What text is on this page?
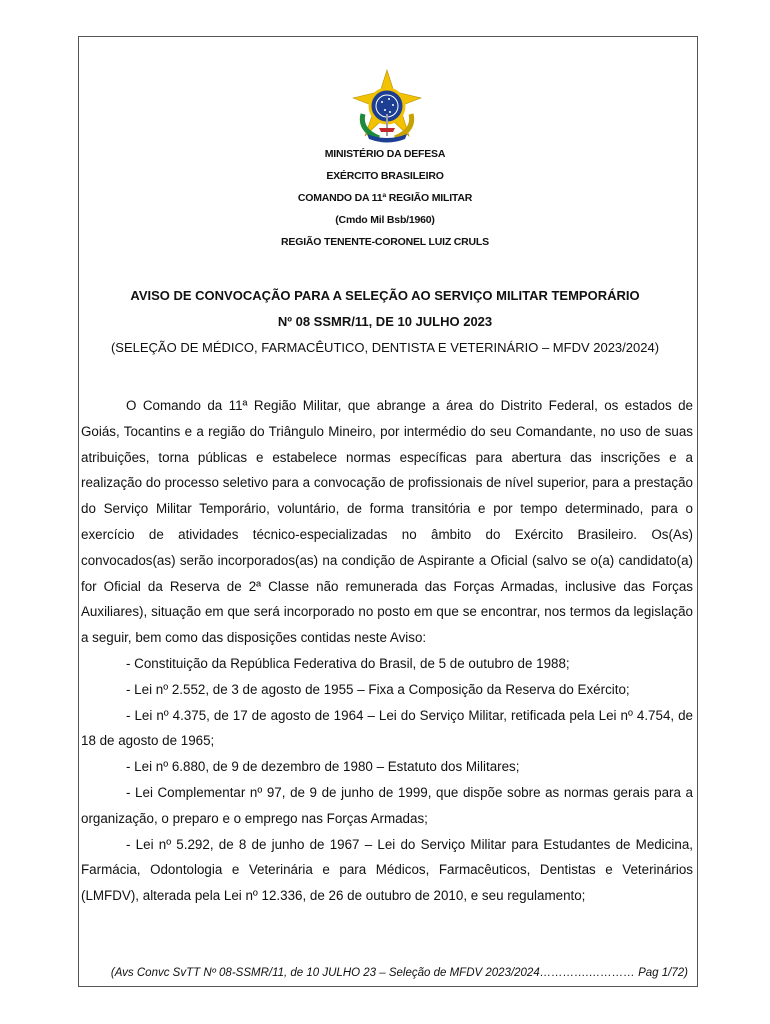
MINISTÉRIO DA DEFESA
EXÉRCITO BRASILEIRO
COMANDO DA 11ª REGIÃO MILITAR
(Cmdo Mil Bsb/1960)
REGIÃO TENENTE-CORONEL LUIZ CRULS
AVISO DE CONVOCAÇÃO PARA A SELEÇÃO AO SERVIÇO MILITAR TEMPORÁRIO
Nº 08 SSMR/11, DE 10 JULHO 2023
(SELEÇÃO DE MÉDICO, FARMACÊUTICO, DENTISTA E VETERINÁRIO – MFDV 2023/2024)

O Comando da 11ª Região Militar, que abrange a área do Distrito Federal, os estados de Goiás, Tocantins e a região do Triângulo Mineiro, por intermédio do seu Comandante, no uso de suas atribuições, torna públicas e estabelece normas específicas para abertura das inscrições e a realização do processo seletivo para a convocação de profissionais de nível superior, para a prestação do Serviço Militar Temporário, voluntário, de forma transitória e por tempo determinado, para o exercício de atividades técnico-especializadas no âmbito do Exército Brasileiro. Os(As) convocados(as) serão incorporados(as) na condição de Aspirante a Oficial (salvo se o(a) candidato(a) for Oficial da Reserva de 2ª Classe não remunerada das Forças Armadas, inclusive das Forças Auxiliares), situação em que será incorporado no posto em que se encontrar, nos termos da legislação a seguir, bem como das disposições contidas neste Aviso:

- Constituição da República Federativa do Brasil, de 5 de outubro de 1988;

- Lei nº 2.552, de 3 de agosto de 1955 – Fixa a Composição da Reserva do Exército;

- Lei nº 4.375, de 17 de agosto de 1964 – Lei do Serviço Militar, retificada pela Lei nº 4.754, de 18 de agosto de 1965;

- Lei nº 6.880, de 9 de dezembro de 1980 – Estatuto dos Militares;

- Lei Complementar nº 97, de 9 de junho de 1999, que dispõe sobre as normas gerais para a organização, o preparo e o emprego nas Forças Armadas;

- Lei nº 5.292, de 8 de junho de 1967 – Lei do Serviço Militar para Estudantes de Medicina, Farmácia, Odontologia e Veterinária e para Médicos, Farmacêuticos, Dentistas e Veterinários (LMFDV), alterada pela Lei nº 12.336, de 26 de outubro de 2010, e seu regulamento;

(Avs Convc SvTT Nº 08-SSMR/11, de 10 JULHO 23 – Seleção de MFDV 2023/2024………….………… Pag 1/72)
